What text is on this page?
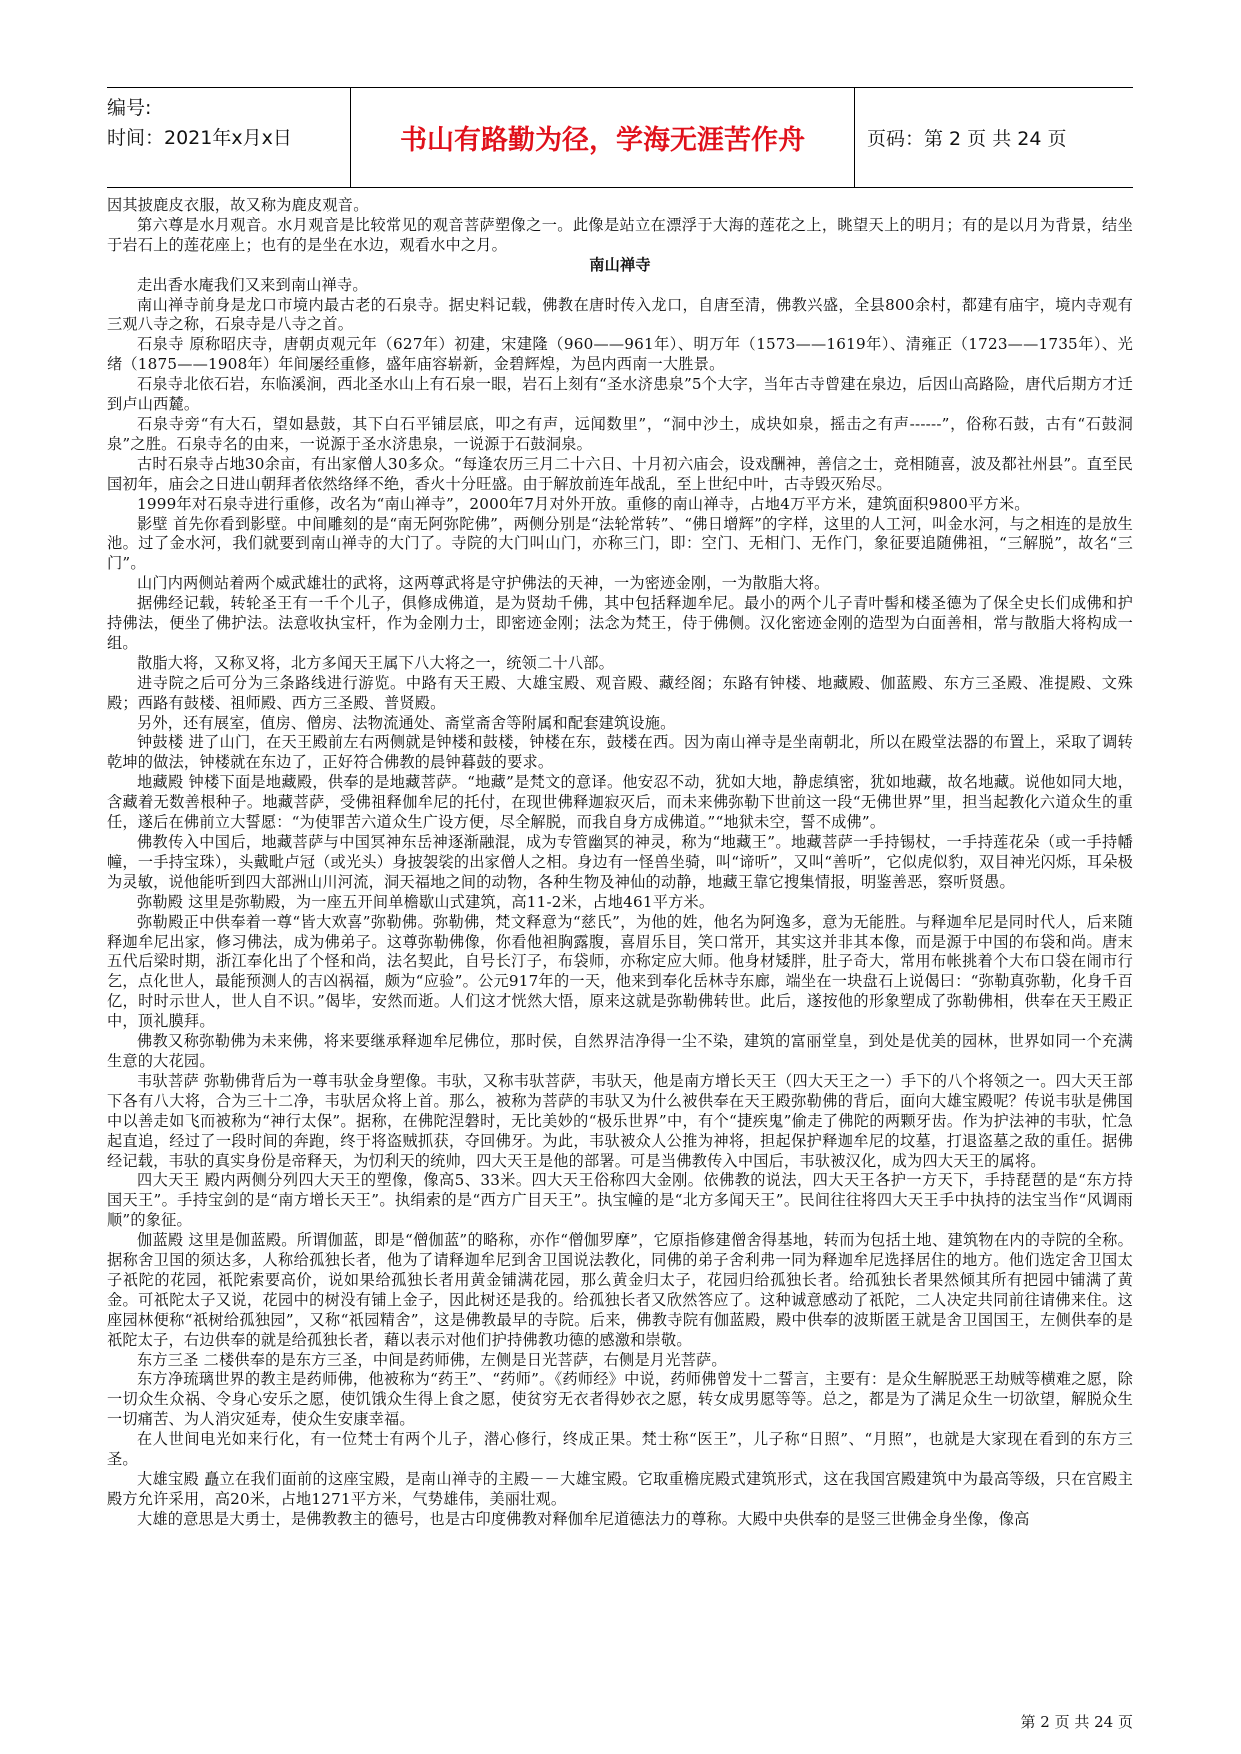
编号:
时间：2021年x月x日	书山有路勤为径，学海无涯苦作舟	页码：第 2 页 共 24 页

因其披鹿皮衣服，故又称为鹿皮观音。

第六尊是水月观音。水月观音是比较常见的观音菩萨塑像之一。此像是站立在漂浮于大海的莲花之上，眺望天上的明月；有的是以月为背景，结坐于岩石上的莲花座上；也有的是坐在水边，观看水中之月。

南山禅寺

走出香水庵我们又来到南山禅寺。

南山禅寺前身是龙口市境内最古老的石泉寺。据史料记载，佛教在唐时传入龙口，自唐至清，佛教兴盛，全县800余村，都建有庙宇，境内寺观有三观八寺之称，石泉寺是八寺之首。

石泉寺 原称昭庆寺，唐朝贞观元年（627年）初建，宋建隆（960——961年）、明万年（1573——1619年）、清雍正（1723——1735年）、光绪（1875——1908年）年间屡经重修，盛年庙容崭新，金碧辉煌，为邑内西南一大胜景。

石泉寺北依石岩，东临溪涧，西北圣水山上有石泉一眼，岩石上刻有“圣水济患泉”5个大字，当年古寺曾建在泉边，后因山高路险，唐代后期方才迁到卢山西麓。

石泉寺旁“有大石，望如悬鼓，其下白石平铺层底，叩之有声，远闻数里”，“洞中沙土，成块如泉，摇击之有声------”，俗称石鼓，古有“石鼓洞泉”之胜。石泉寺名的由来，一说源于圣水济患泉，一说源于石鼓洞泉。

古时石泉寺占地30余亩，有出家僧人30多众。“每逢农历三月二十六日、十月初六庙会，设戏酬神，善信之士，竞相随喜，波及都社州县”。直至民国初年，庙会之日进山朝拜者依然络绎不绝，香火十分旺盛。由于解放前连年战乱，至上世纪中叶，古寺毁灭殆尽。

1999年对石泉寺进行重修，改名为“南山禅寺”，2000年7月对外开放。重修的南山禅寺，占地4万平方米，建筑面积9800平方米。

影壁 首先你看到影壁。中间雕刻的是“南无阿弥陀佛”，两侧分别是“法轮常转”、“佛日增辉”的字样，这里的人工河，叫金水河，与之相连的是放生池。过了金水河，我们就要到南山禅寺的大门了。寺院的大门叫山门，亦称三门，即：空门、无相门、无作门，象征要追随佛祖，“三解脱”，故名“三门”。

山门内两侧站着两个威武雄壮的武将，这两尊武将是守护佛法的天神，一为密迹金刚，一为散脂大将。

据佛经记载，转轮圣王有一千个儿子，俱修成佛道，是为贤劫千佛，其中包括释迦牟尼。最小的两个儿子青叶髻和楼圣德为了保全史长们成佛和护持佛法，便坐了佛护法。法意收执宝杆，作为金刚力士，即密迹金刚；法念为梵王，侍于佛侧。汉化密迹金刚的造型为白面善相，常与散脂大将构成一组。

散脂大将，又称叉将，北方多闻天王属下八大将之一，统领二十八部。

进寺院之后可分为三条路线进行游览。中路有天王殿、大雄宝殿、观音殿、藏经阁；东路有钟楼、地藏殿、伽蓝殿、东方三圣殿、准提殿、文殊殿；西路有鼓楼、祖师殿、西方三圣殿、普贤殿。

另外，还有展室，值房、僧房、法物流通处、斋堂斋舍等附属和配套建筑设施。

钟鼓楼 进了山门，在天王殿前左右两侧就是钟楼和鼓楼，钟楼在东，鼓楼在西。因为南山禅寺是坐南朝北，所以在殿堂法器的布置上，采取了调转乾坤的做法，钟楼就在东边了，正好符合佛教的晨钟暮鼓的要求。

地藏殿 钟楼下面是地藏殿，供奉的是地藏菩萨。“地藏”是梵文的意译。他安忍不动，犹如大地，静虑缜密，犹如地藏，故名地藏。说他如同大地，含藏着无数善根种子。地藏菩萨，受佛祖释伽牟尼的托付，在现世佛释迦寂灭后，而未来佛弥勒下世前这一段“无佛世界”里，担当起教化六道众生的重任，遂后在佛前立大誓愿：“为使罪苦六道众生广设方便，尽全解脱，而我自身方成佛道。”“地狱未空，誓不成佛”。

佛教传入中国后，地藏菩萨与中国冥神东岳神逐渐融混，成为专管幽冥的神灵，称为“地藏王”。地藏菩萨一手持锡杖，一手持莲花朵（或一手持幡幢，一手持宝珠），头戴毗卢冠（或光头）身披袈裟的出家僧人之相。身边有一怪兽坐骑，叫“谛听”，又叫“善听”，它似虎似豹，双目神光闪烁，耳朵极为灵敏，说他能听到四大部洲山川河流，洞天福地之间的动物，各种生物及神仙的动静，地藏王靠它搜集情报，明鉴善恶，察听贤愚。

弥勒殿 这里是弥勒殿，为一座五开间单檐歇山式建筑，高11-2米，占地461平方米。

弥勒殿正中供奉着一尊“皆大欢喜”弥勒佛。弥勒佛，梵文释意为“慈氏”，为他的姓，他名为阿逸多，意为无能胜。与释迦牟尼是同时代人，后来随释迦牟尼出家，修习佛法，成为佛弟子。这尊弥勒佛像，你看他袒胸露腹，喜眉乐目，笑口常开，其实这并非其本像，而是源于中国的布袋和尚。唐末五代后梁时期，浙江奉化出了个怪和尚，法名契此，自号长汀子，布袋师，亦称定应大师。他身材矮胖，肚子奇大，常用布帐挑着个大布口袋在闹市行乞，点化世人，最能预测人的吉凶祸福，颇为“应验”。公元917年的一天，他来到奉化岳林寺东廊，端坐在一块盘石上说偈曰：“弥勒真弥勒，化身千百亿，时时示世人，世人自不识。”偈毕，安然而逝。人们这才恍然大悟，原来这就是弥勒佛转世。此后，遂按他的形象塑成了弥勒佛相，供奉在天王殿正中，顶礼膜拜。

佛教又称弥勒佛为未来佛，将来要继承释迦牟尼佛位，那时侯，自然界洁净得一尘不染，建筑的富丽堂皇，到处是优美的园林，世界如同一个充满生意的大花园。

韦驮菩萨 弥勒佛背后为一尊韦驮金身塑像。韦驮，又称韦驮菩萨，韦驮天，他是南方增长天王（四大天王之一）手下的八个将领之一。四大天王部下各有八大将，合为三十二净，韦驮居众将上首。那么，被称为菩萨的韦驮又为什么被供奉在天王殿弥勒佛的背后，面向大雄宝殿呢？传说韦驮是佛国中以善走如飞而被称为“神行太保”。据称，在佛陀涅磐时，无比美妙的“极乐世界”中，有个“捷疾鬼”偷走了佛陀的两颗牙齿。作为护法神的韦驮，忙急起直追，经过了一段时间的奔跑，终于将盗贼抓获，夺回佛牙。为此，韦驮被众人公推为神将，担起保护释迦牟尼的坟墓，打退盗墓之敌的重任。据佛经记载，韦驮的真实身份是帝释天，为忉利天的统帅，四大天王是他的部署。可是当佛教传入中国后，韦驮被汉化，成为四大天王的属将。

四大天王 殿内两侧分列四大天王的塑像，像高5、33米。四大天王俗称四大金刚。依佛教的说法，四大天王各护一方天下，手持琵琶的是“东方持国天王”。手持宝剑的是“南方增长天王”。执绢索的是“西方广目天王”。执宝幢的是“北方多闻天王”。民间往往将四大天王手中执持的法宝当作“风调雨顺”的象征。

伽蓝殿 这里是伽蓝殿。所谓伽蓝，即是“僧伽蓝”的略称，亦作“僧伽罗摩”，它原指修建僧舍得基地，转而为包括土地、建筑物在内的寺院的全称。据称舍卫国的须达多，人称给孤独长者，他为了请释迦牟尼到舍卫国说法教化，同佛的弟子舍利弗一同为释迦牟尼选择居住的地方。他们选定舍卫国太子祇陀的花园，祇陀索要高价，说如果给孤独长者用黄金铺满花园，那么黄金归太子，花园归给孤独长者。给孤独长者果然倾其所有把园中铺满了黄金。可祇陀太子又说，花园中的树没有铺上金子，因此树还是我的。给孤独长者又欣然答应了。这种诚意感动了祇陀，二人决定共同前往请佛来住。这座园林便称“祇树给孤独园”，又称“祇园精舍”，这是佛教最早的寺院。后来，佛教寺院有伽蓝殿，殿中供奉的波斯匿王就是舍卫国国王，左侧供奉的是祇陀太子，右边供奉的就是给孤独长者，藉以表示对他们护持佛教功德的感激和崇敬。

东方三圣 二楼供奉的是东方三圣，中间是药师佛，左侧是日光菩萨，右侧是月光菩萨。

东方净琉璃世界的教主是药师佛，他被称为“药王”、“药师”。《药师经》中说，药师佛曾发十二誓言，主要有：是众生解脱恶王劫贼等横难之愿，除一切众生众祸、令身心安乐之愿，使饥饿众生得上食之愿，使贫穷无衣者得妙衣之愿，转女成男愿等等。总之，都是为了满足众生一切欲望，解脱众生一切痛苦、为人消灾延寿，使众生安康幸福。

在人世间电光如来行化，有一位梵士有两个儿子，潜心修行，终成正果。梵士称“医王”，儿子称“日照”、“月照”，也就是大家现在看到的东方三圣。

大雄宝殿 矗立在我们面前的这座宝殿，是南山禅寺的主殿－－大雄宝殿。它取重檐庑殿式建筑形式，这在我国宫殿建筑中为最高等级，只在宫殿主殿方允许采用，高20米，占地1271平方米，气势雄伟，美丽壮观。

大雄的意思是大勇士，是佛教教主的德号，也是古印度佛教对释伽牟尼道德法力的尊称。大殿中央供奉的是竖三世佛金身坐像，像高

第 2 页 共 24 页
